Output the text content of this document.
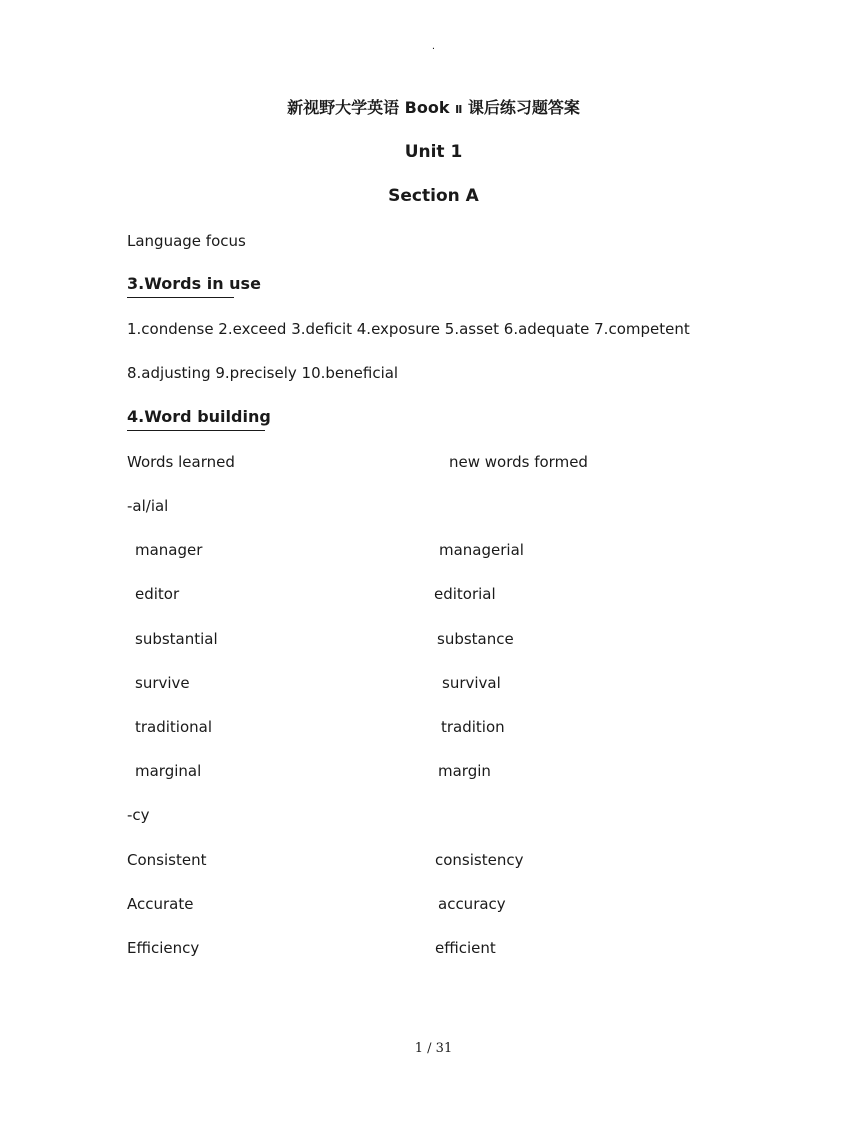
.
新视野大学英语 Book Ⅱ 课后练习题答案
Unit 1
Section A
Language focus
3.Words in use
1.condense 2.exceed 3.deficit 4.exposure 5.asset 6.adequate 7.competent
8.adjusting 9.precisely 10.beneficial
4.Word building
Words learned	new words formed
-al/ial
manager	managerial
editor	editorial
substantial	substance
survive	survival
traditional	tradition
marginal	margin
-cy
Consistent	consistency
Accurate	accuracy
Efficiency	efficient
1 / 31
